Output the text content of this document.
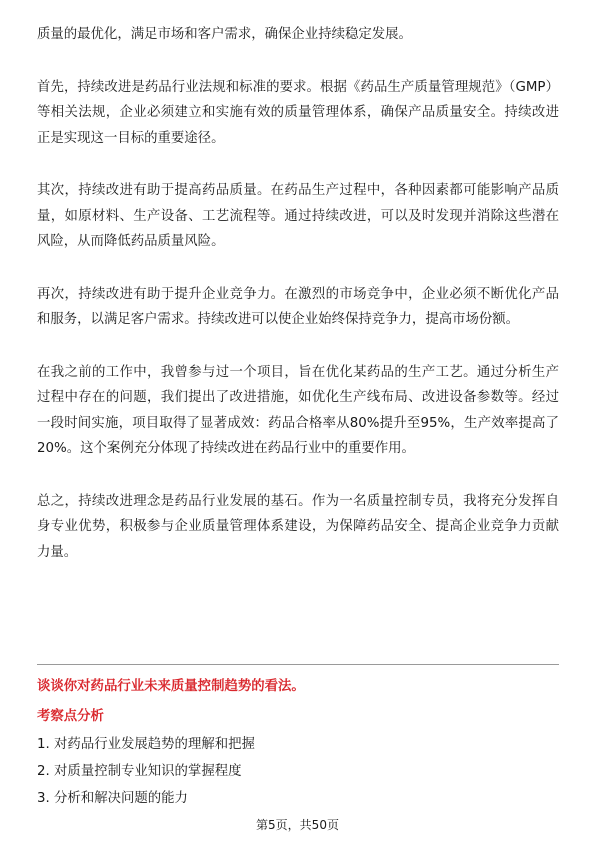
质量的最优化，满足市场和客户需求，确保企业持续稳定发展。

首先，持续改进是药品行业法规和标准的要求。根据《药品生产质量管理规范》（GMP）等相关法规，企业必须建立和实施有效的质量管理体系，确保产品质量安全。持续改进正是实现这一目标的重要途径。

其次，持续改进有助于提高药品质量。在药品生产过程中，各种因素都可能影响产品质量，如原材料、生产设备、工艺流程等。通过持续改进，可以及时发现并消除这些潜在风险，从而降低药品质量风险。

再次，持续改进有助于提升企业竞争力。在激烈的市场竞争中，企业必须不断优化产品和服务，以满足客户需求。持续改进可以使企业始终保持竞争力，提高市场份额。

在我之前的工作中，我曾参与过一个项目，旨在优化某药品的生产工艺。通过分析生产过程中存在的问题，我们提出了改进措施，如优化生产线布局、改进设备参数等。经过一段时间实施，项目取得了显著成效：药品合格率从80%提升至95%，生产效率提高了20%。这个案例充分体现了持续改进在药品行业中的重要作用。

总之，持续改进理念是药品行业发展的基石。作为一名质量控制专员，我将充分发挥自身专业优势，积极参与企业质量管理体系建设，为保障药品安全、提高企业竞争力贡献力量。

谈谈你对药品行业未来质量控制趋势的看法。

考察点分析

1. 对药品行业发展趋势的理解和把握
2. 对质量控制专业知识的掌握程度
3. 分析和解决问题的能力
第5页，共50页
